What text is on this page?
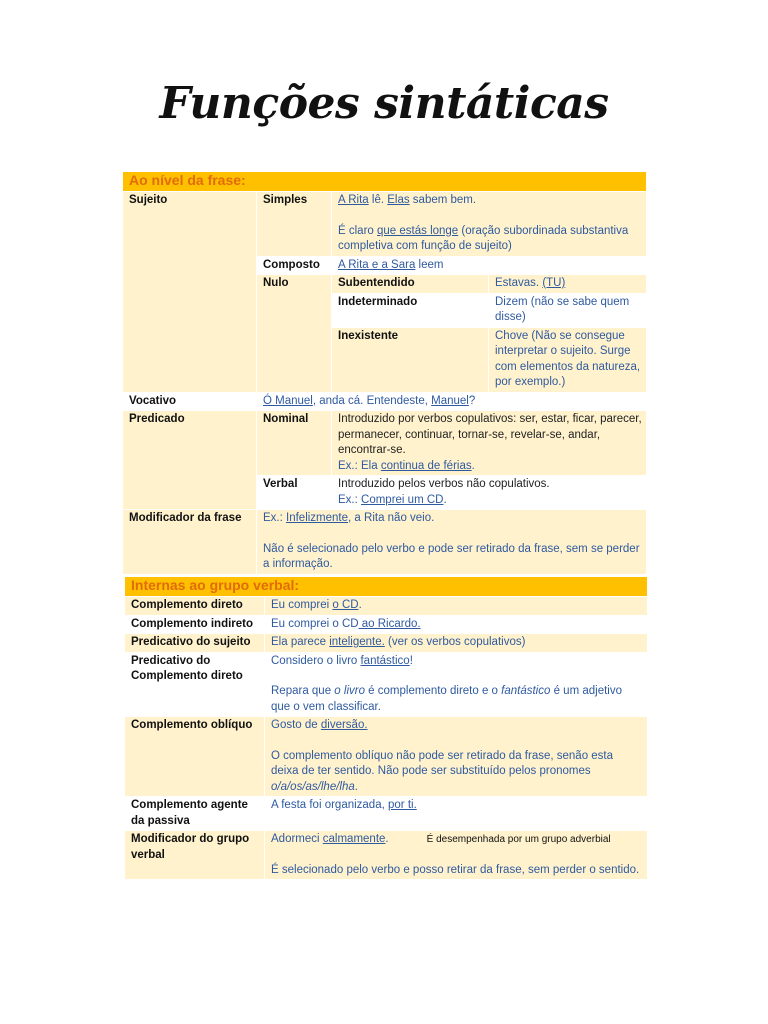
Funções sintáticas
Ao nível da frase:			
Sujeito	Simples	A Rita lê. Elas sabem bem.
É claro que estás longe (oração subordinada substantiva completiva com função de sujeito)	
	Composto	A Rita e a Sara leem	
	Nulo	Subentendido	Estavas. (TU)
		Indeterminado	Dizem (não se sabe quem disse)
		Inexistente	Chove (Não se consegue interpretar o sujeito. Surge com elementos da natureza, por exemplo.)
Vocativo	Ó Manuel, anda cá. Entendeste, Manuel?		
Predicado	Nominal	Introduzido por verbos copulativos: ser, estar, ficar, parecer, permanecer, continuar, tornar-se, revelar-se, andar, encontrar-se.
Ex.: Ela continua de férias.	
	Verbal	Introduzido pelos verbos não copulativos.
Ex.: Comprei um CD.	
Modificador da frase	Ex.: Infelizmente, a Rita não veio.
Não é selecionado pelo verbo e pode ser retirado da frase, sem se perder a informação.		
Internas ao grupo verbal:	
Complemento direto	Eu comprei o CD.
Complemento indireto	Eu comprei o CD ao Ricardo.
Predicativo do sujeito	Ela parece inteligente. (ver os verbos copulativos)
Predicativo do Complemento direto	Considero o livro fantástico!
Repara que o livro é complemento direto e o fantástico é um adjetivo que o vem classificar.
Complemento oblíquo	Gosto de diversão.
O complemento oblíquo não pode ser retirado da frase, senão esta deixa de ter sentido. Não pode ser substituído pelos pronomes o/a/os/as/lhe/lha.
Complemento agente da passiva	A festa foi organizada, por ti.
Modificador do grupo verbal	Adormeci calmamente. É desempenhada por um grupo adverbial
É selecionado pelo verbo e posso retirar da frase, sem perder o sentido.
